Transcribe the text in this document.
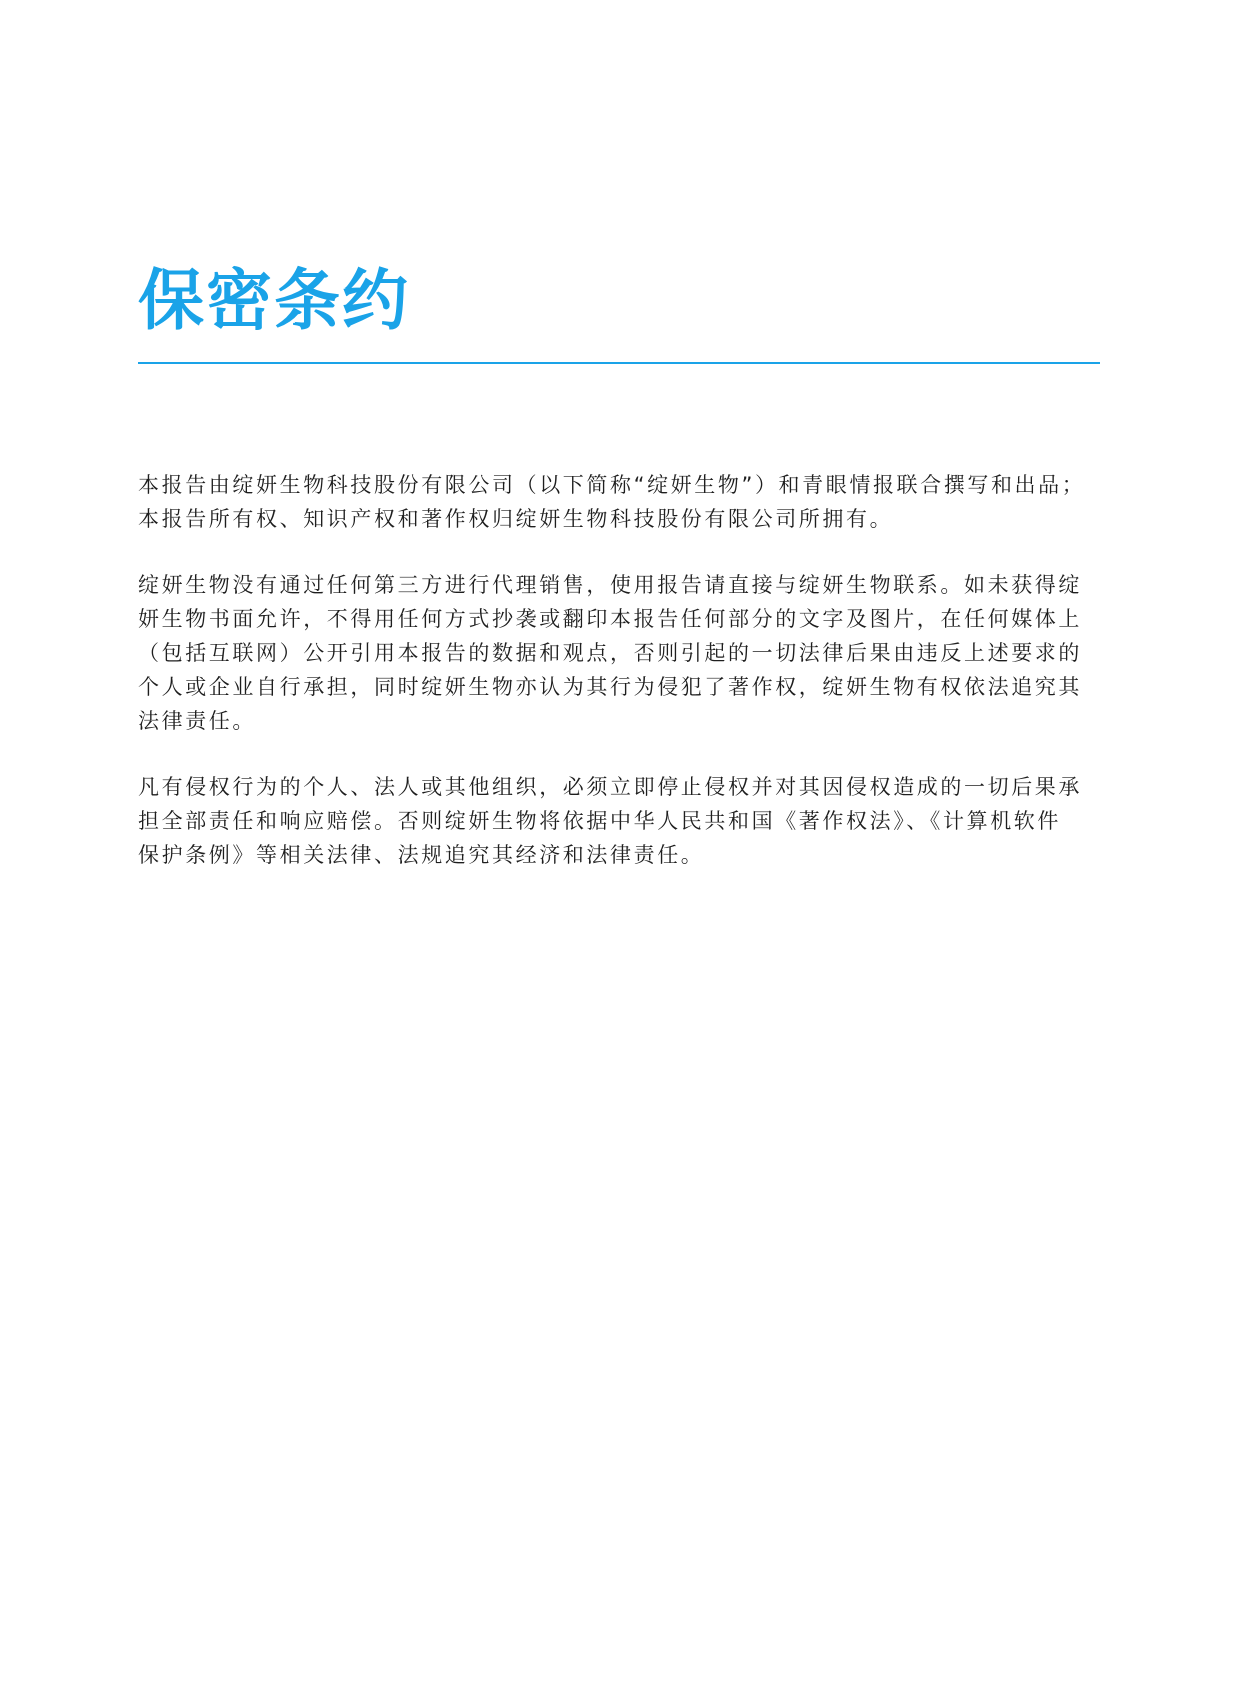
保密条约

本报告由绽妍生物科技股份有限公司（以下简称“绽妍生物”）和青眼情报联合撰写和出品；
本报告所有权、知识产权和著作权归绽妍生物科技股份有限公司所拥有。

绽妍生物没有通过任何第三方进行代理销售，使用报告请直接与绽妍生物联系。如未获得绽
妍生物书面允许，不得用任何方式抄袭或翻印本报告任何部分的文字及图片，在任何媒体上
（包括互联网）公开引用本报告的数据和观点，否则引起的一切法律后果由违反上述要求的
个人或企业自行承担，同时绽妍生物亦认为其行为侵犯了著作权，绽妍生物有权依法追究其
法律责任。

凡有侵权行为的个人、法人或其他组织，必须立即停止侵权并对其因侵权造成的一切后果承
担全部责任和响应赔偿。否则绽妍生物将依据中华人民共和国《著作权法》、《计算机软件
保护条例》等相关法律、法规追究其经济和法律责任。
